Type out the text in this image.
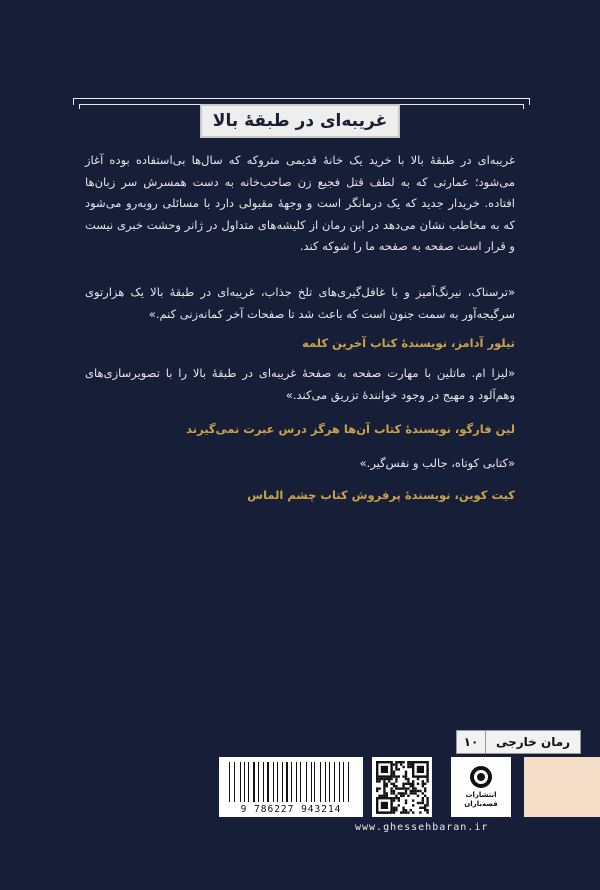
غریبه‌ای در طبقهٔ بالا
غریبه‌ای در طبقهٔ بالا با خرید یک خانهٔ قدیمی متروکه که سال‌ها بی‌استفاده بوده آغاز می‌شود؛ عمارتی که به لطف قتل فجیع زن صاحب‌خانه به دست همسرش سر زبان‌ها افتاده. خریدار جدید که یک درمانگر است و وجههٔ مقبولی دارد با مسائلی روبه‌رو می‌شود که به مخاطب نشان می‌دهد در این رمان از کلیشه‌های متداول در ژانر وحشت خبری نیست و قرار است صفحه به صفحه ما را شوکه کند.
«ترسناک، نیرنگ‌آمیز و با غافل‌گیری‌های تلخ جذاب، غریبه‌ای در طبقهٔ بالا یک هزارتوی سرگیجه‌آور به سمت جنون است که باعث شد تا صفحات آخر کمانه‌زنی کنم.»
تیلور آدامز، نویسندهٔ کتاب آخرین کلمه
«لیزا ام. ماتلین با مهارت صفحه به صفحهٔ غریبه‌ای در طبقهٔ بالا را با تصویرسازی‌های وهم‌آلود و مهیج در وجود خوانندهٔ تزریق می‌کند.»
لین فارگو، نویسندهٔ کتاب آن‌ها هرگز درس عبرت نمی‌گیرند
«کتابی کوتاه، جالب و نفس‌گیر.»
کیت کوین، نویسندهٔ پرفروش کتاب چشم الماس
۱۰	رمان خارجی
9 786227 943214
انتشارات
قصه‌باران
www.ghessehbaran.ir
